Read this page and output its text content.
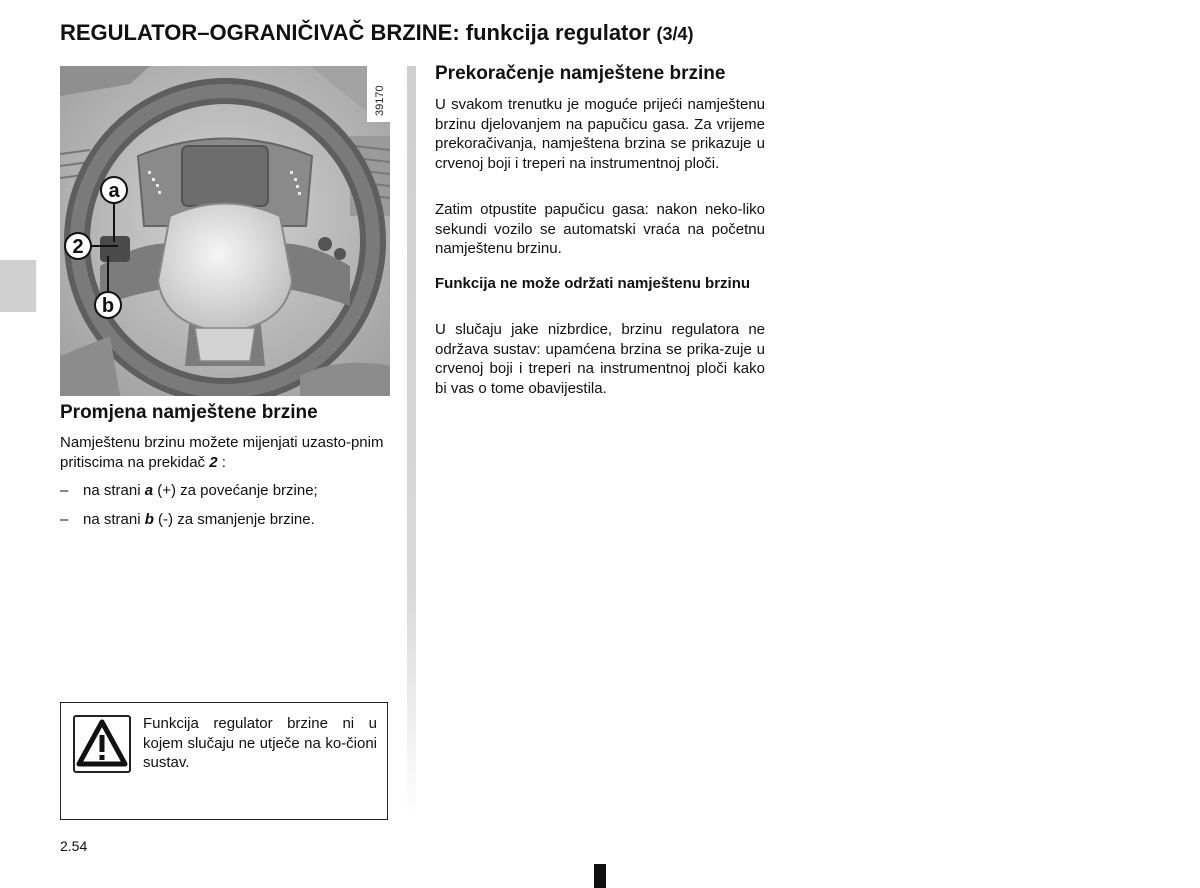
REGULATOR–OGRANIČIVAČ BRZINE: funkcija regulator (3/4)
39170
a
2
b
Promjena namještene brzine
Namještenu brzinu možete mijenjati uzasto-pnim pritiscima na prekidač 2 :
– na strani a (+) za povećanje brzine;
– na strani b (-) za smanjenje brzine.
Prekoračenje namještene brzine
U svakom trenutku je moguće prijeći namještenu brzinu djelovanjem na papučicu gasa. Za vrijeme prekoračivanja, namještena brzina se prikazuje u crvenoj boji i treperi na instrumentnoj ploči.
Zatim otpustite papučicu gasa: nakon neko-liko sekundi vozilo se automatski vraća na početnu namještenu brzinu.
Funkcija ne može održati namještenu brzinu
U slučaju jake nizbrdice, brzinu regulatora ne održava sustav: upamćena brzina se prika-zuje u crvenoj boji i treperi na instrumentnoj ploči kako bi vas o tome obavijestila.
Funkcija regulator brzine ni u kojem slučaju ne utječe na ko-čioni sustav.
2.54
